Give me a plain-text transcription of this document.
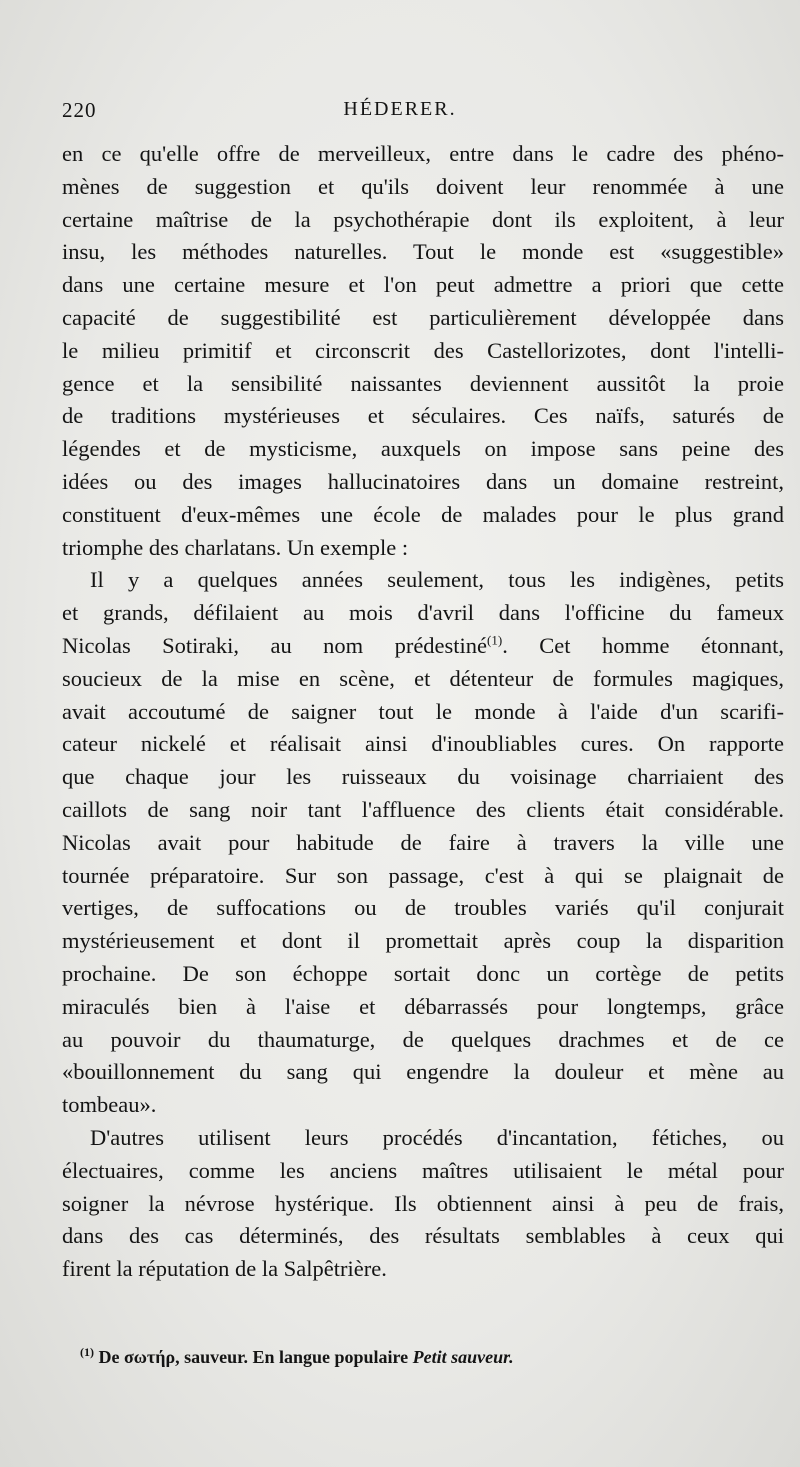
220	HÉDERER.
en ce qu'elle offre de merveilleux, entre dans le cadre des phéno-
mènes de suggestion et qu'ils doivent leur renommée à une
certaine maîtrise de la psychothérapie dont ils exploitent, à leur
insu, les méthodes naturelles. Tout le monde est «suggestible»
dans une certaine mesure et l'on peut admettre a priori que cette
capacité de suggestibilité est particulièrement développée dans
le milieu primitif et circonscrit des Castellorizotes, dont l'intelli-
gence et la sensibilité naissantes deviennent aussitôt la proie
de traditions mystérieuses et séculaires. Ces naïfs, saturés de
légendes et de mysticisme, auxquels on impose sans peine des
idées ou des images hallucinatoires dans un domaine restreint,
constituent d'eux-mêmes une école de malades pour le plus grand
triomphe des charlatans. Un exemple :
Il y a quelques années seulement, tous les indigènes, petits
et grands, défilaient au mois d'avril dans l'officine du fameux
Nicolas Sotiraki, au nom prédestiné$^{(1)}$. Cet homme étonnant,
soucieux de la mise en scène, et détenteur de formules magiques,
avait accoutumé de saigner tout le monde à l'aide d'un scarifi-
cateur nickelé et réalisait ainsi d'inoubliables cures. On rapporte
que chaque jour les ruisseaux du voisinage charriaient des
caillots de sang noir tant l'affluence des clients était considérable.
Nicolas avait pour habitude de faire à travers la ville une
tournée préparatoire. Sur son passage, c'est à qui se plaignait de
vertiges, de suffocations ou de troubles variés qu'il conjurait
mystérieusement et dont il promettait après coup la disparition
prochaine. De son échoppe sortait donc un cortège de petits
miraculés bien à l'aise et débarrassés pour longtemps, grâce
au pouvoir du thaumaturge, de quelques drachmes et de ce
«bouillonnement du sang qui engendre la douleur et mène au
tombeau».
D'autres utilisent leurs procédés d'incantation, fétiches, ou
électuaires, comme les anciens maîtres utilisaient le métal pour
soigner la névrose hystérique. Ils obtiennent ainsi à peu de frais,
dans des cas déterminés, des résultats semblables à ceux qui
firent la réputation de la Salpêtrière.
$^{(1)}$ De σωτήρ, sauveur. En langue populaire Petit sauveur.
